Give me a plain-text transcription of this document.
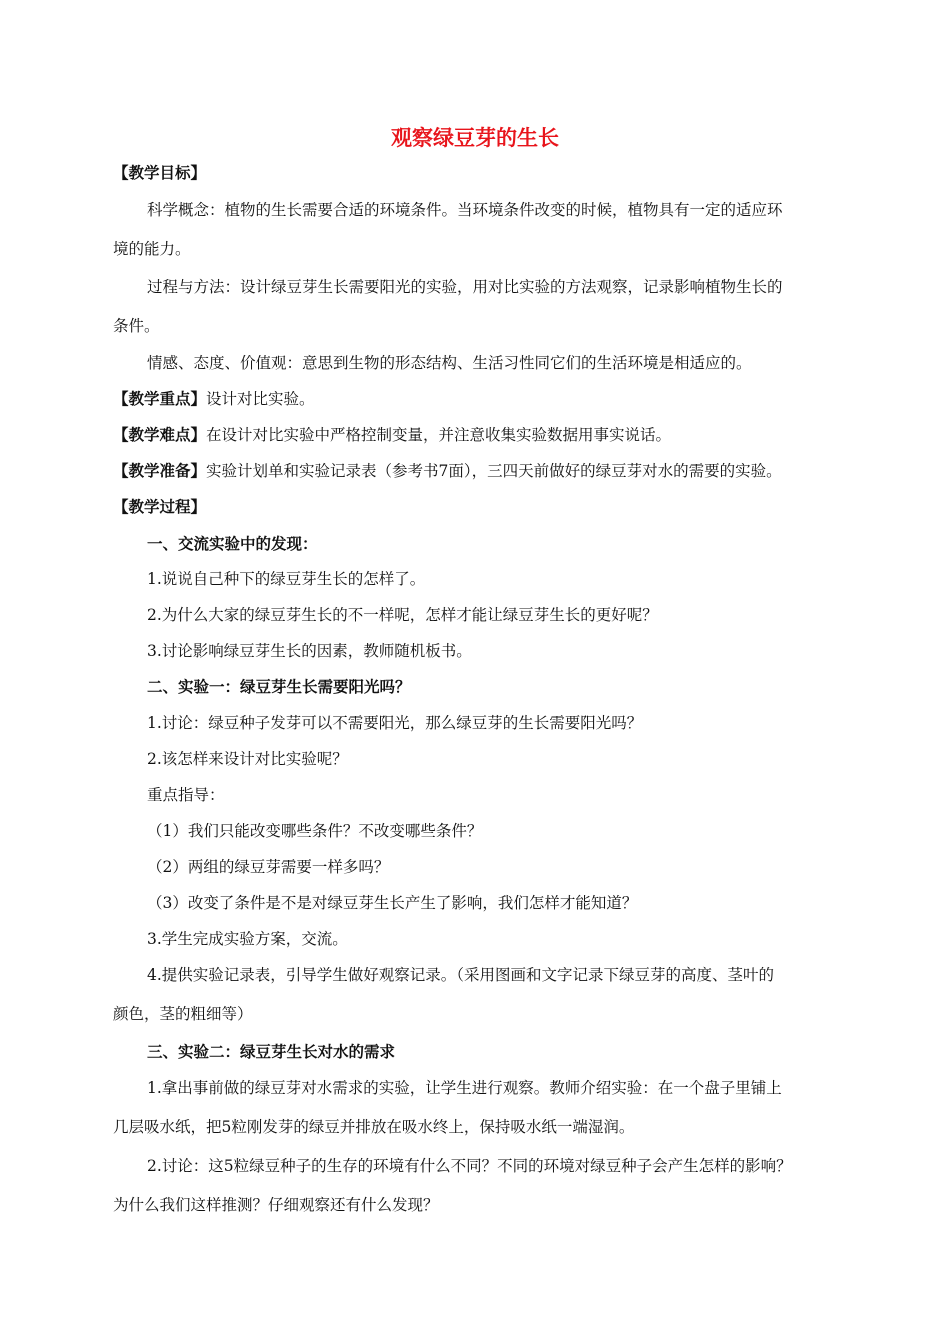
观察绿豆芽的生长
【教学目标】
科学概念：植物的生长需要合适的环境条件。当环境条件改变的时候，植物具有一定的适应环
境的能力。
过程与方法：设计绿豆芽生长需要阳光的实验，用对比实验的方法观察，记录影响植物生长的
条件。
情感、态度、价值观：意思到生物的形态结构、生活习性同它们的生活环境是相适应的。
【教学重点】设计对比实验。
【教学难点】在设计对比实验中严格控制变量，并注意收集实验数据用事实说话。
【教学准备】实验计划单和实验记录表（参考书7面），三四天前做好的绿豆芽对水的需要的实验。
【教学过程】
一、交流实验中的发现：
1.说说自己种下的绿豆芽生长的怎样了。
2.为什么大家的绿豆芽生长的不一样呢，怎样才能让绿豆芽生长的更好呢？
3.讨论影响绿豆芽生长的因素，教师随机板书。
二、实验一：绿豆芽生长需要阳光吗？
1.讨论：绿豆种子发芽可以不需要阳光，那么绿豆芽的生长需要阳光吗？
2.该怎样来设计对比实验呢？
重点指导：
（1）我们只能改变哪些条件？不改变哪些条件？
（2）两组的绿豆芽需要一样多吗？
（3）改变了条件是不是对绿豆芽生长产生了影响，我们怎样才能知道？
3.学生完成实验方案，交流。
4.提供实验记录表，引导学生做好观察记录。（采用图画和文字记录下绿豆芽的高度、茎叶的
颜色，茎的粗细等）
三、实验二：绿豆芽生长对水的需求
1.拿出事前做的绿豆芽对水需求的实验，让学生进行观察。教师介绍实验：在一个盘子里铺上
几层吸水纸，把5粒刚发芽的绿豆并排放在吸水终上，保持吸水纸一端湿润。
2.讨论：这5粒绿豆种子的生存的环境有什么不同？不同的环境对绿豆种子会产生怎样的影响？
为什么我们这样推测？仔细观察还有什么发现？
